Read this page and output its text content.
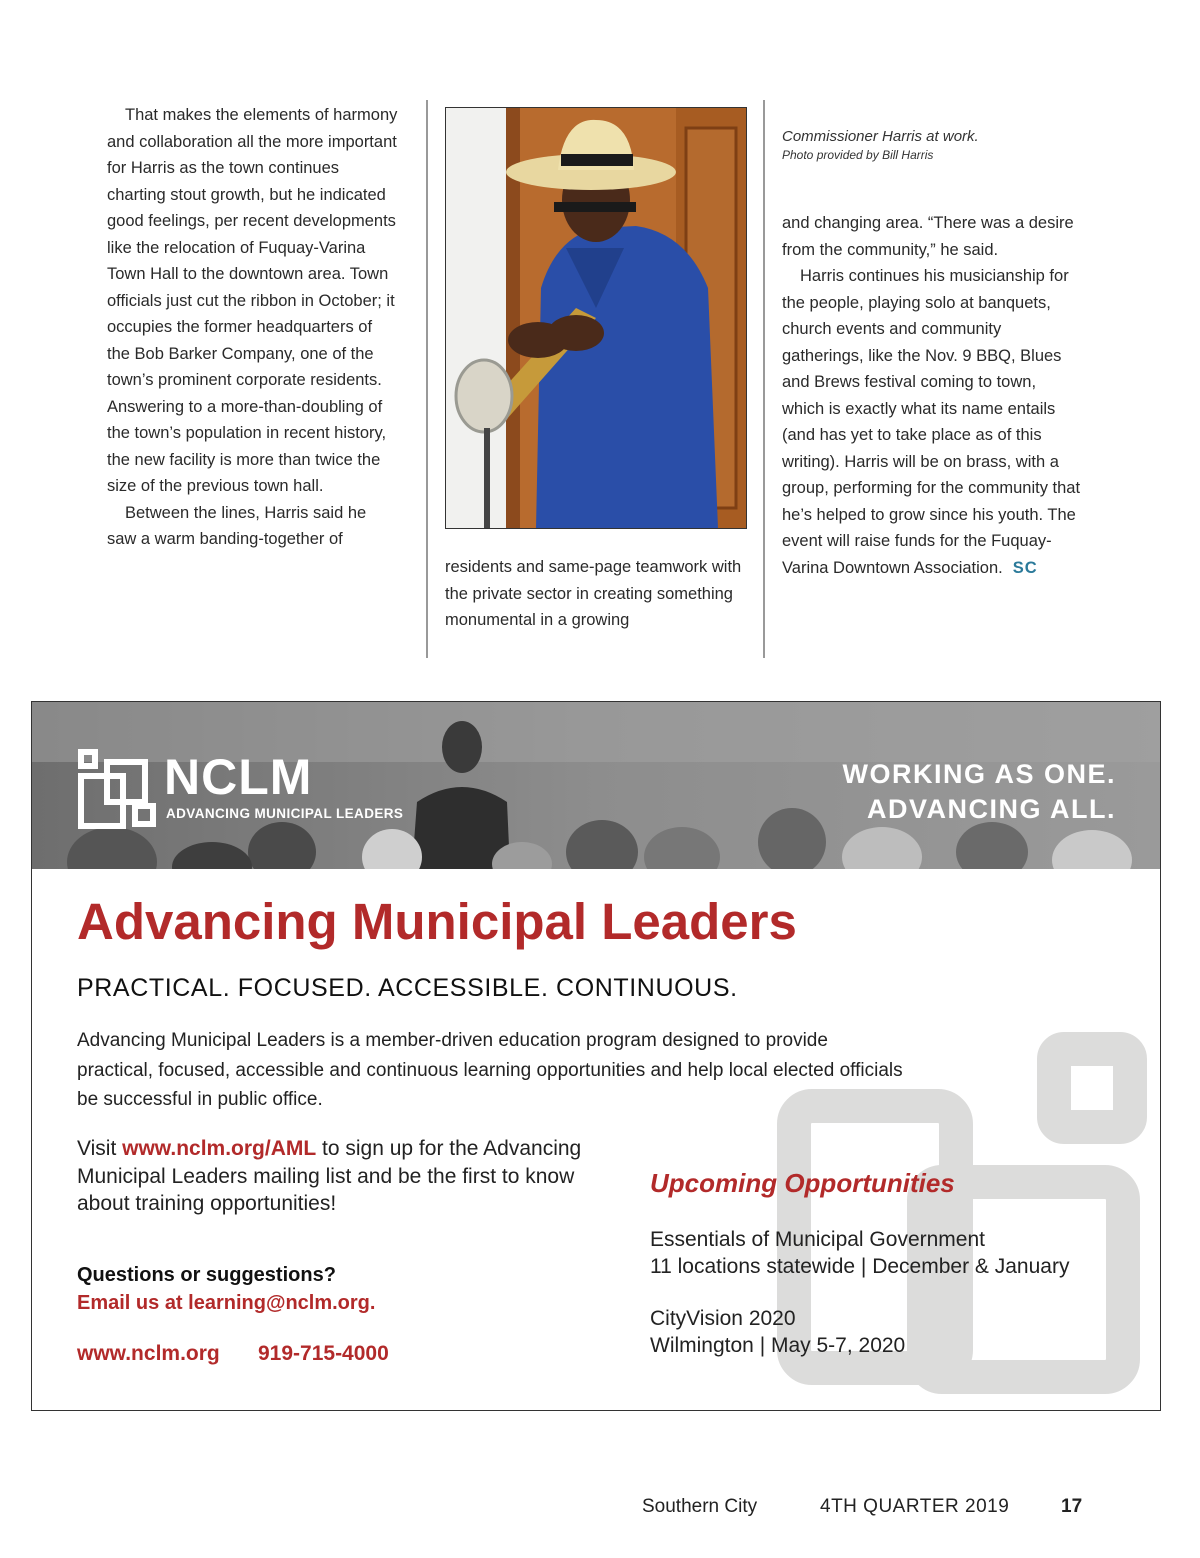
That makes the elements of harmony and collaboration all the more important for Harris as the town continues charting stout growth, but he indicated good feelings, per recent developments like the relocation of Fuquay-Varina Town Hall to the downtown area. Town officials just cut the ribbon in October; it occupies the former headquarters of the Bob Barker Company, one of the town’s prominent corporate residents. Answering to a more-than-doubling of the town’s population in recent history, the new facility is more than twice the size of the previous town hall.

Between the lines, Harris said he saw a warm banding-together of

Commissioner Harris at work.
Photo provided by Bill Harris

residents and same-page teamwork with the private sector in creating something monumental in a growing

and changing area. “There was a desire from the community,” he said.

Harris continues his musicianship for the people, playing solo at banquets, church events and community gatherings, like the Nov. 9 BBQ, Blues and Brews festival coming to town, which is exactly what its name entails (and has yet to take place as of this writing). Harris will be on brass, with a group, performing for the community that he’s helped to grow since his youth. The event will raise funds for the Fuquay-Varina Downtown Association. SC

NCLM
ADVANCING MUNICIPAL LEADERS
WORKING AS ONE.
ADVANCING ALL.
Advancing Municipal Leaders
PRACTICAL. FOCUSED. ACCESSIBLE. CONTINUOUS.
Advancing Municipal Leaders is a member-driven education program designed to provide practical, focused, accessible and continuous learning opportunities and help local elected officials be successful in public office.
Visit www.nclm.org/AML to sign up for the Advancing Municipal Leaders mailing list and be the first to know about training opportunities!
Questions or suggestions?
Email us at learning@nclm.org.
www.nclm.org 919-715-4000
Upcoming Opportunities
Essentials of Municipal Government
11 locations statewide | December & January
CityVision 2020
Wilmington | May 5-7, 2020
Southern City	4TH QUARTER 2019	17
